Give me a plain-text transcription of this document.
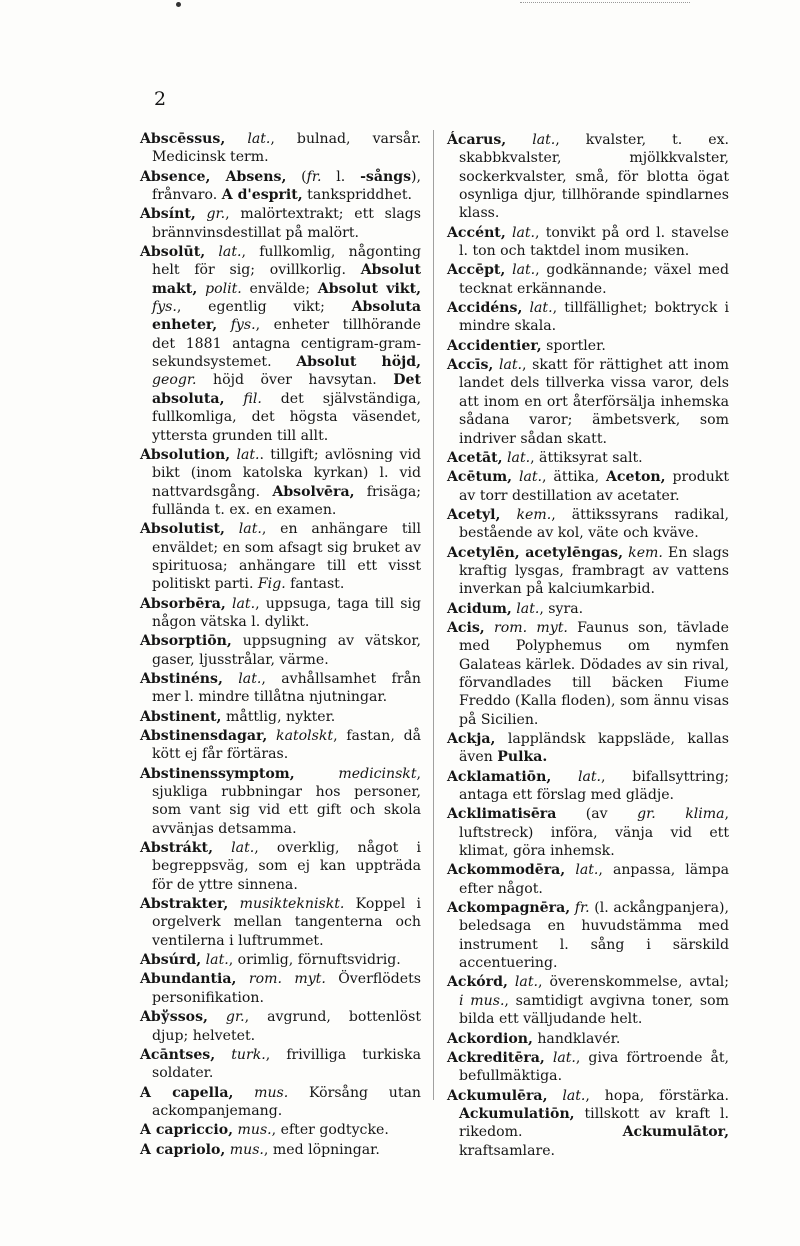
2

Abscēssus, lat., bulnad, varsår. Medicinsk term.

Absence, Absens, (fr. l. -sångs), frånvaro. A d'esprit, tankspriddhet.

Absínt, gr., malörtextrakt; ett slags brännvinsdestillat på malört.

Absolūt, lat., fullkomlig, någonting helt för sig; ovillkorlig. Absolut makt, polit. envälde; Absolut vikt, fys., egentlig vikt; Absoluta enheter, fys., enheter tillhörande det 1881 antagna centigram-gram-sekundsystemet. Absolut höjd, geogr. höjd över havsytan. Det absoluta, fil. det självständiga, fullkomliga, det högsta väsendet, yttersta grunden till allt.

Absolution, lat.. tillgift; avlösning vid bikt (inom katolska kyrkan) l. vid nattvardsgång. Absolvēra, frisäga; fullända t. ex. en examen.

Absolutist, lat., en anhängare till enväldet; en som afsagt sig bruket av spirituosa; anhängare till ett visst politiskt parti. Fig. fantast.

Absorbēra, lat., uppsuga, taga till sig någon vätska l. dylikt.

Absorptiōn, uppsugning av vätskor, gaser, ljusstrålar, värme.

Abstinéns, lat., avhållsamhet från mer l. mindre tillåtna njutningar.

Abstinent, måttlig, nykter.

Abstinensdagar, katolskt, fastan, då kött ej får förtäras.

Abstinenssymptom,	medicinskt, sjukliga rubbningar hos personer, som vant sig vid ett gift och skola avvänjas detsamma.

Abstrákt, lat., overklig, något i begreppsväg, som ej kan uppträda för de yttre sinnena.

Abstrakter, musiktekniskt. Koppel i orgelverk mellan tangenterna och ventilerna i luftrummet.

Absúrd, lat., orimlig, förnuftsvidrig.

Abundantia, rom. myt. Överflödets personifikation.

Abўssos, gr., avgrund, bottenlöst djup; helvetet.

Acāntses, turk., frivilliga turkiska soldater.

A capella, mus. Körsång utan ackompanjemang.

A capriccio, mus., efter godtycke.

A capriolo, mus., med löpningar.

Ácarus, lat., kvalster, t. ex. skabbkvalster, mjölkkvalster, sockerkvalster, små, för blotta ögat osynliga djur, tillhörande spindlarnes klass.

Accént, lat., tonvikt på ord l. stavelse l. ton och taktdel inom musiken.

Accēpt, lat., godkännande; växel med tecknat erkännande.

Accidéns, lat., tillfällighet; boktryck i mindre skala.

Accidentier, sportler.

Accīs, lat., skatt för rättighet att inom landet dels tillverka vissa varor, dels att inom en ort återförsälja inhemska sådana varor; ämbetsverk, som indriver sådan skatt.

Acetāt, lat., ättiksyrat salt.

Acētum, lat., ättika, Aceton, produkt av torr destillation av acetater.

Acetyl, kem., ättikssyrans radikal, bestående av kol, väte och kväve.

Acetylēn, acetylēngas, kem. En slags kraftig lysgas, frambragt av vattens inverkan på kalciumkarbid.

Acidum, lat., syra.

Acis, rom. myt. Faunus son, tävlade med Polyphemus om nymfen Galateas kärlek. Dödades av sin rival, förvandlades till bäcken Fiume Freddo (Kalla floden), som ännu visas på Sicilien.

Ackja, lappländsk kappsläde, kallas även Pulka.

Acklamatiōn, lat., bifallsyttring; antaga ett förslag med glädje.

Acklimatisēra (av gr. klima, luftstreck) införa, vänja vid ett klimat, göra inhemsk.

Ackommodēra, lat., anpassa, lämpa efter något.

Ackompagnēra, fr. (l. ackångpanjera), beledsaga en huvudstämma med instrument l. sång i särskild accentuering.

Ackórd, lat., överenskommelse, avtal; i mus., samtidigt avgivna toner, som bilda ett välljudande helt.

Ackordion, handklavér.

Ackreditēra, lat., giva förtroende åt, befullmäktiga.

Ackumulēra, lat., hopa, förstärka. Ackumulatiōn, tillskott av kraft l. rikedom. Ackumulātor, kraftsamlare.
